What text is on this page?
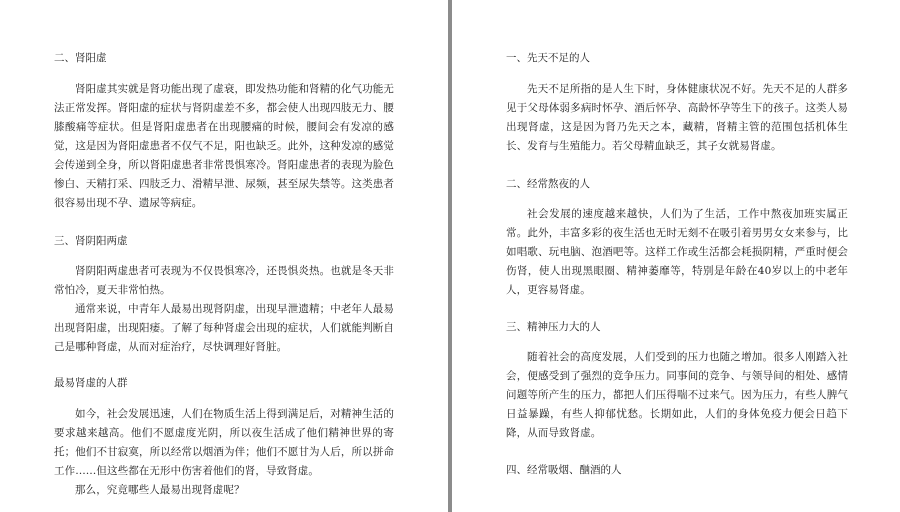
二、肾阳虚
肾阳虚其实就是肾功能出现了虚衰，即发热功能和肾精的化气功能无法正常发挥。肾阳虚的症状与肾阴虚差不多，都会使人出现四肢无力、腰膝酸痛等症状。但是肾阳虚患者在出现腰痛的时候，腰间会有发凉的感觉，这是因为肾阳虚患者不仅气不足，阳也缺乏。此外，这种发凉的感觉会传递到全身，所以肾阳虚患者非常畏惧寒冷。肾阳虚患者的表现为脸色惨白、天精打采、四肢乏力、滑精早泄、尿频，甚至尿失禁等。这类患者很容易出现不孕、遗尿等病症。
三、肾阴阳两虚
肾阴阳两虚患者可表现为不仅畏惧寒冷，还畏惧炎热。也就是冬天非常怕冷，夏天非常怕热。
通常来说，中青年人最易出现肾阴虚，出现早泄遗精；中老年人最易出现肾阳虚，出现阳痿。了解了每种肾虚会出现的症状，人们就能判断自己是哪种肾虚，从而对症治疗，尽快调理好肾脏。
最易肾虚的人群
如今，社会发展迅速，人们在物质生活上得到满足后，对精神生活的要求越来越高。他们不愿虚度光阴，所以夜生活成了他们精神世界的寄托；他们不甘寂寞，所以经常以烟酒为伴；他们不愿甘为人后，所以拼命工作……但这些都在无形中伤害着他们的肾，导致肾虚。
那么，究竟哪些人最易出现肾虚呢？
一、先天不足的人
先天不足所指的是人生下时，身体健康状况不好。先天不足的人群多见于父母体弱多病时怀孕、酒后怀孕、高龄怀孕等生下的孩子。这类人易出现肾虚，这是因为肾乃先天之本，藏精，肾精主管的范围包括机体生长、发育与生殖能力。若父母精血缺乏，其子女就易肾虚。
二、经常熬夜的人
社会发展的速度越来越快，人们为了生活，工作中熬夜加班实属正常。此外，丰富多彩的夜生活也无时无刻不在吸引着男男女女来参与，比如唱歌、玩电脑、泡酒吧等。这样工作或生活都会耗损阴精，严重时便会伤肾，使人出现黑眼圈、精神萎靡等，特别是年龄在40岁以上的中老年人，更容易肾虚。
三、精神压力大的人
随着社会的高度发展，人们受到的压力也随之增加。很多人刚踏入社会，便感受到了强烈的竞争压力。同事间的竞争、与领导间的相处、感情问题等所产生的压力，都把人们压得喘不过来气。因为压力，有些人脾气日益暴躁，有些人抑郁忧愁。长期如此，人们的身体免疫力便会日趋下降，从而导致肾虚。
四、经常吸烟、酗酒的人
